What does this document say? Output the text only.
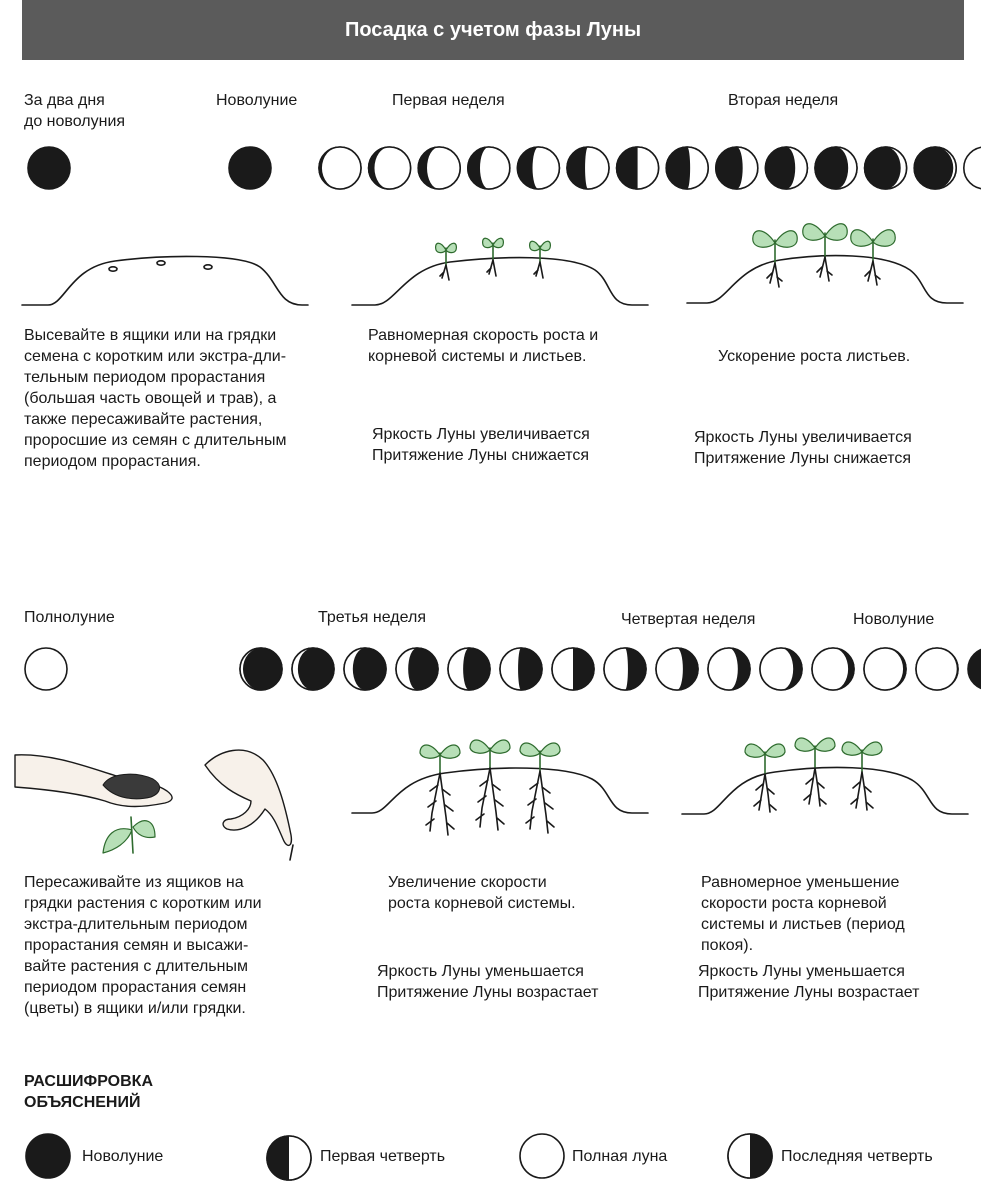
Посадка с учетом фазы Луны
За два дня
до новолуния
Новолуние	Первая неделя	Вторая неделя
Высевайте в ящики или на грядки
семена с коротким или экстра-дли-
тельным периодом прорастания
(большая часть овощей и трав), а
также пересаживайте растения,
проросшие из семян с длительным
периодом прорастания.
Равномерная скорость роста и
корневой системы и листьев.
Яркость Луны увеличивается
Притяжение Луны снижается
Ускорение роста листьев.
Яркость Луны увеличивается
Притяжение Луны снижается
Полнолуние	Третья неделя	Четвертая неделя	Новолуние
Пересаживайте из ящиков на
грядки растения с коротким или
экстра-длительным периодом
прорастания семян и высажи-
вайте растения с длительным
периодом прорастания семян
(цветы) в ящики и/или грядки.
Увеличение скорости
роста корневой системы.
Яркость Луны уменьшается
Притяжение Луны возрастает
Равномерное уменьшение
скорости роста корневой
системы и листьев (период
покоя).
Яркость Луны уменьшается
Притяжение Луны возрастает
РАСШИФРОВКА
ОБЪЯСНЕНИЙ
Новолуние	Первая четверть	Полная луна	Последняя четверть
